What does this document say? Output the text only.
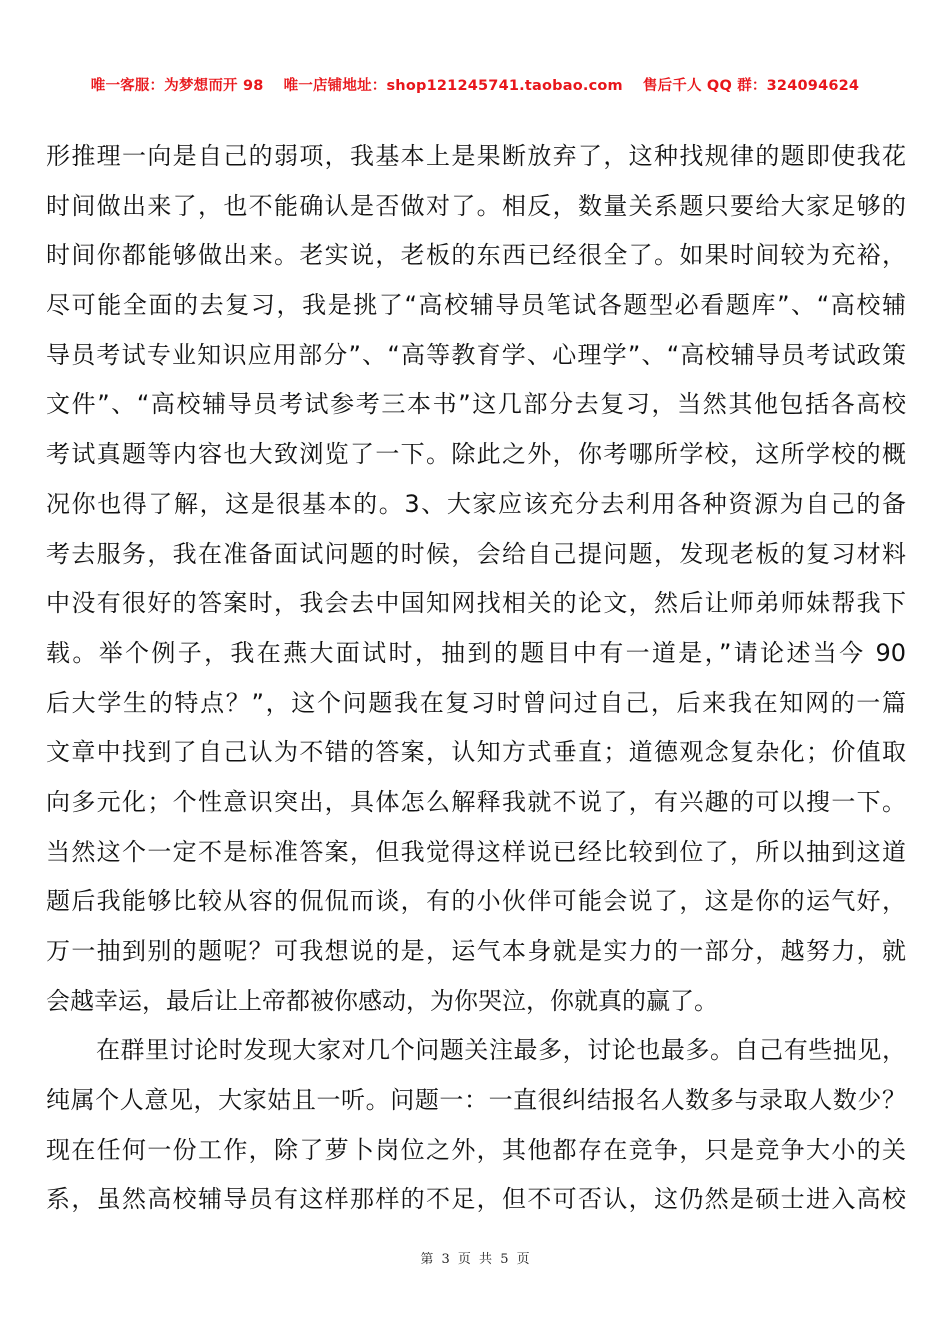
唯一客服：为梦想而开 98 唯一店铺地址：shop121245741.taobao.com 售后千人 QQ 群：324094624
形推理一向是自己的弱项，我基本上是果断放弃了，这种找规律的题即使我花
时间做出来了，也不能确认是否做对了。相反，数量关系题只要给大家足够的
时间你都能够做出来。老实说，老板的东西已经很全了。如果时间较为充裕，
尽可能全面的去复习，我是挑了“高校辅导员笔试各题型必看题库”、“高校辅
导员考试专业知识应用部分”、“高等教育学、心理学”、“高校辅导员考试政策
文件”、“高校辅导员考试参考三本书”这几部分去复习，当然其他包括各高校
考试真题等内容也大致浏览了一下。除此之外，你考哪所学校，这所学校的概
况你也得了解，这是很基本的。3、大家应该充分去利用各种资源为自己的备
考去服务，我在准备面试问题的时候，会给自己提问题，发现老板的复习材料
中没有很好的答案时，我会去中国知网找相关的论文，然后让师弟师妹帮我下
载。举个例子，我在燕大面试时，抽到的题目中有一道是，”请论述当今 90
后大学生的特点？”，这个问题我在复习时曾问过自己，后来我在知网的一篇
文章中找到了自己认为不错的答案，认知方式垂直；道德观念复杂化；价值取
向多元化；个性意识突出，具体怎么解释我就不说了，有兴趣的可以搜一下。
当然这个一定不是标准答案，但我觉得这样说已经比较到位了，所以抽到这道
题后我能够比较从容的侃侃而谈，有的小伙伴可能会说了，这是你的运气好，
万一抽到别的题呢？可我想说的是，运气本身就是实力的一部分，越努力，就
会越幸运，最后让上帝都被你感动，为你哭泣，你就真的赢了。
在群里讨论时发现大家对几个问题关注最多，讨论也最多。自己有些拙见，
纯属个人意见，大家姑且一听。问题一：一直很纠结报名人数多与录取人数少？
现在任何一份工作，除了萝卜岗位之外，其他都存在竞争，只是竞争大小的关
系，虽然高校辅导员有这样那样的不足，但不可否认，这仍然是硕士进入高校
第 3 页 共 5 页
